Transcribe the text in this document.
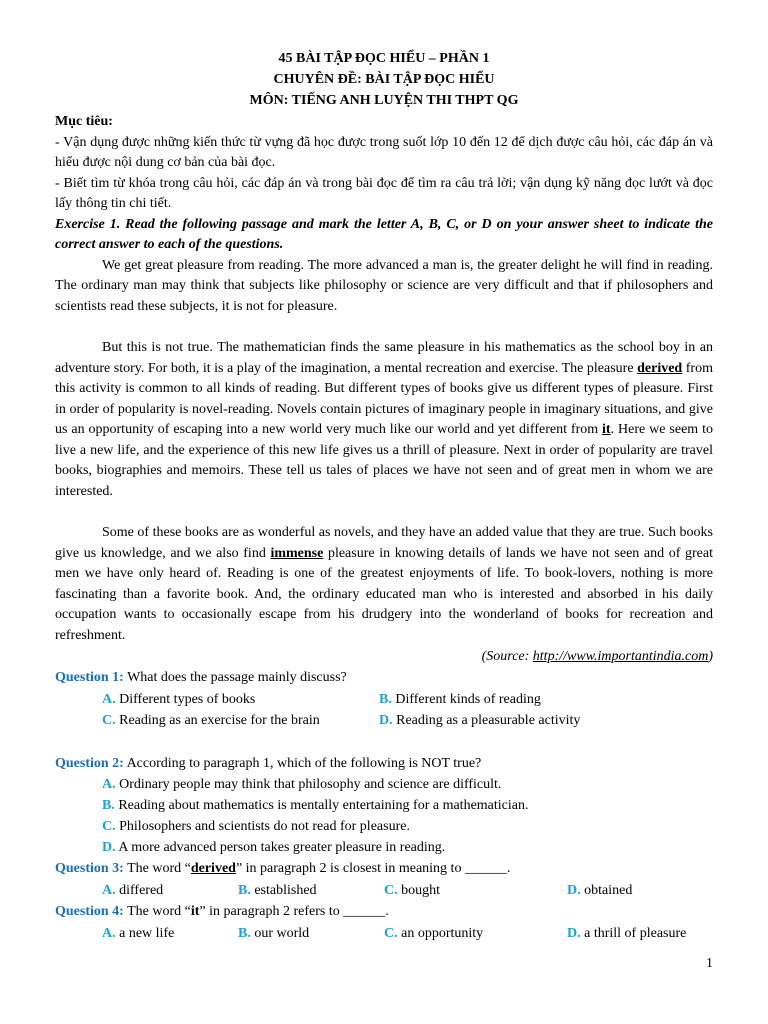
45 BÀI TẬP ĐỌC HIỂU – PHẦN 1
CHUYÊN ĐỀ: BÀI TẬP ĐỌC HIỂU
MÔN: TIẾNG ANH LUYỆN THI THPT QG
Mục tiêu:

- Vận dụng được những kiến thức từ vựng đã học được trong suốt lớp 10 đến 12 để dịch được câu hỏi, các đáp án và hiểu được nội dung cơ bản của bài đọc.

- Biết tìm từ khóa trong câu hỏi, các đáp án và trong bài đọc để tìm ra câu trả lời; vận dụng kỹ năng đọc lướt và đọc lấy thông tin chi tiết.

Exercise 1. Read the following passage and mark the letter A, B, C, or D on your answer sheet to indicate the correct answer to each of the questions.

We get great pleasure from reading. The more advanced a man is, the greater delight he will find in reading. The ordinary man may think that subjects like philosophy or science are very difficult and that if philosophers and scientists read these subjects, it is not for pleasure.

But this is not true. The mathematician finds the same pleasure in his mathematics as the school boy in an adventure story. For both, it is a play of the imagination, a mental recreation and exercise. The pleasure derived from this activity is common to all kinds of reading. But different types of books give us different types of pleasure. First in order of popularity is novel-reading. Novels contain pictures of imaginary people in imaginary situations, and give us an opportunity of escaping into a new world very much like our world and yet different from it. Here we seem to live a new life, and the experience of this new life gives us a thrill of pleasure. Next in order of popularity are travel books, biographies and memoirs. These tell us tales of places we have not seen and of great men in whom we are interested.

Some of these books are as wonderful as novels, and they have an added value that they are true. Such books give us knowledge, and we also find immense pleasure in knowing details of lands we have not seen and of great men we have only heard of. Reading is one of the greatest enjoyments of life. To book-lovers, nothing is more fascinating than a favorite book. And, the ordinary educated man who is interested and absorbed in his daily occupation wants to occasionally escape from his drudgery into the wonderland of books for recreation and refreshment.

(Source: http://www.importantindia.com)
Question 1: What does the passage mainly discuss?
A. Different types of books	B. Different kinds of reading
C. Reading as an exercise for the brain	D. Reading as a pleasurable activity
Question 2: According to paragraph 1, which of the following is NOT true?
A. Ordinary people may think that philosophy and science are difficult.
B. Reading about mathematics is mentally entertaining for a mathematician.
C. Philosophers and scientists do not read for pleasure.
D. A more advanced person takes greater pleasure in reading.
Question 3: The word “derived” in paragraph 2 is closest in meaning to ______.
A. differed	B. established	C. bought	D. obtained
Question 4: The word “it” in paragraph 2 refers to ______.
A. a new life	B. our world	C. an opportunity	D. a thrill of pleasure
1
